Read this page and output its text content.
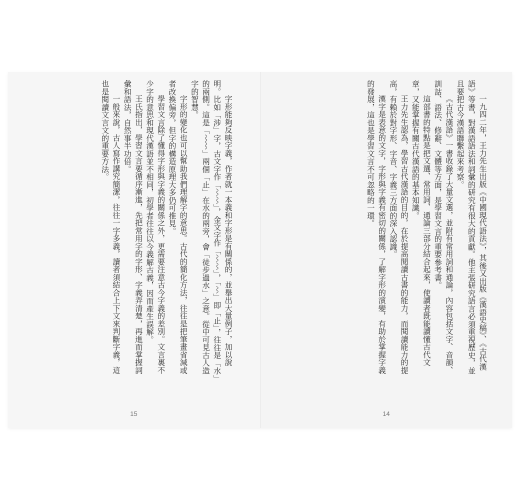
字形能夠反映字義，作者就一本義和字形是有關係的，並舉出大量例子，加以說明。比如「涉」字，古文字作「⌇⌇」，金文字作「⌇⌇」，「⌇」即「止」，往往是「水」的兩側。這是「⌇⌇」兩個「止」在水的兩旁，會「徒步過水」之意。從中可見古人造字的智慧。

字形的變化也可以幫助我們理解字的意思。古代的簡化方法，往往是把筆畫省減或者改換偏旁，但字的構造原理大多仍可推見。

學習文言除了懂得字形與字義的關係之外，更需要注意古今字義的差別。文言裏不少字的意思和現代漢語並不相同，初學者往往以今義解古義，因而產生誤解。

王氏指出，學習文言要循序漸進，先把常用字的字形、字義弄清楚，再進而掌握詞彙和語法，自然事半功倍。

一般來說，古人寫作講究簡潔，往往一字多義，讀者須結合上下文來判斷字義，這也是閱讀文言文的重要方法。

15

一九四二年，王力先生出版《中國現代語法》，其後又出版《漢語史稿》、《古代漢語》等書，對漢語語法和詞彙的研究有很大的貢獻。他主張研究語言必須重視歷史，並且要把古今漢語聯繫起來考察。

《古代漢語》一書收錄了大量文選，並附有常用詞和通論，內容包括文字、音韻、訓詁、語法、修辭、文體等方面，是學習文言的重要參考書。

這部書的特點是把文選、常用詞、通論三部分結合起來，使讀者既能讀懂古代文章，又能掌握有關古代漢語的基本知識。

王力先生認為，學習古代漢語的目的，在於提高閱讀古書的能力，而閱讀能力的提高，有賴於對字形、字音、字義三方面的深入認識。

漢字是表意的文字，字形與字義有密切的關係，了解字形的演變，有助於掌握字義的發展，這也是學習文言不可忽略的一環。

14
